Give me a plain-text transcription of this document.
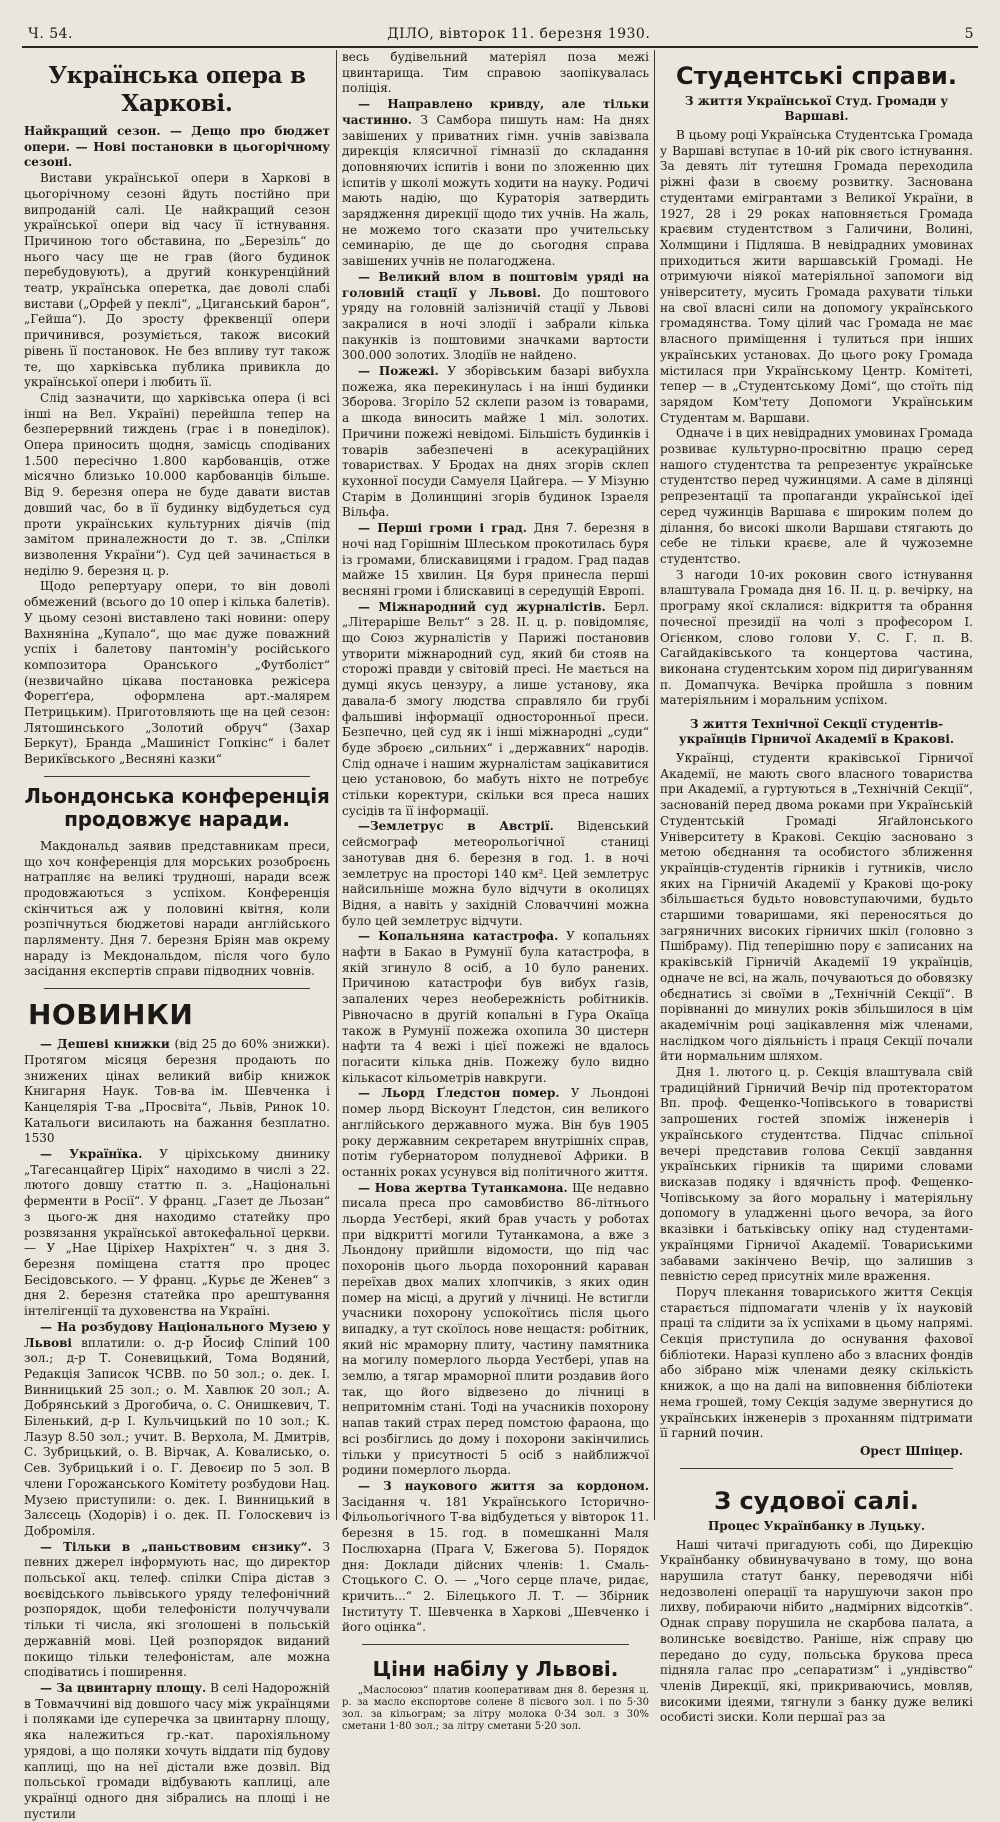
Ч. 54.	ДІЛО, вівторок 11. березня 1930.	5
Українська опера в Харкові.

Найкращий сезон. — Дещо про бюджет опери. — Нові постановки в цьогорічному сезоні.

Вистави української опери в Харкові в цьогорічному сезоні йдуть постійно при випроданій салі. Це найкращий сезон української опери від часу її істнування. Причиною того обставина, по „Березіль“ до нього часу ще не грав (його будинок перебудовують), а другий конкуренційний театр, українська оперетка, дає доволі слабі вистави („Орфей у пеклі“, „Циганський барон“, „Гейша“). До зросту фреквенції опери причинився, розуміється, також високий рівень її постановок. Не без впливу тут також те, що харківська публика привикла до української опери і любить її.

Слід зазначити, що харківська опера (і всі інші на Вел. Україні) перейшла тепер на безперервний тиждень (грає і в понеділок). Опера приносить щодня, замісць сподіваних 1.500 пересічно 1.800 карбованців, отже місячно близько 10.000 карбованців більше. Від 9. березня опера не буде давати вистав довший час, бо в її будинку відбудеться суд проти українських культурних діячів (під замітом приналежности до т. зв. „Спілки визволення України“). Суд цей зачинається в неділю 9. березня ц. р.

Щодо репертуару опери, то він доволі обмежений (всього до 10 опер і кілька балетів). У цьому сезоні виставлено такі новини: оперу Вахняніна „Купало“, що має дуже поважний успіх і балетову пантомін'у російського композитора Оранського „Футболіст“ (незвичайно цікава постановка режісера Форегґера, оформлена арт.-малярем Петрицьким). Приготовляють ще на цей сезон: Лятошинського „Золотий обруч“ (Захар Беркут), Бранда „Машиніст Гопкінс“ і балет Верикївського „Весняні казки“

Льондонська конференція продовжує наради.

Макдональд заявив представникам преси, що хоч конференція для морських розоброєнь натрапляє на великі трудноші, наради всеж продовжаються з успіхом. Конференція скінчиться аж у половині квітня, коли розпічнуться бюджетові наради англійського парляменту. Дня 7. березня Бріян мав окрему нараду із Мекдональдом, після чого було засідання експертів справи підводних човнів.

НОВИНКИ

— Дешеві книжки (від 25 до 60% знижки). Протягом місяця березня продають по знижених цінах великий вибір книжок Книгарня Наук. Тов-ва ім. Шевченка і Канцелярія Т-ва „Просвіта“, Львів, Ринок 10. Катальоги висилають на бажання безплатно. 1530

— Українїка. У ціріхському днинику „Тагесанцайгер Ціріх“ находимо в числі з 22. лютого довшу статтю п. з. „Національні ферменти в Росії“. У франц. „Газет де Льозан“ з цього-ж дня находимо статейку про розвязання української автокефальної церкви. — У „Нае Ціріхер Нахріхтен“ ч. з дня 3. березня поміщена стаття про процес Бесідовського. — У франц. „Курьє де Женев“ з дня 2. березня статейка про арештування інтелігенції та духовенства на Україні.

— На розбудову Національного Музею у Львові вплатили: о. д-р Йосиф Сліпий 100 зол.; д-р Т. Соневицький, Тома Водяний, Редакція Записок ЧСВВ. по 50 зол.; о. дек. І. Винницький 25 зол.; о. М. Хавлюк 20 зол.; А. Добрянський з Дрогобича, о. С. Онишкевич, Т. Біленький, д-р І. Кульчицький по 10 зол.; К. Лазур 8.50 зол.; учит. В. Верхола, М. Дмитрів, С. Зубрицький, о. В. Вірчак, А. Ковалисько, о. Сев. Зубрицький і о. Г. Девоєир по 5 зол. В члени Горожанського Комітету розбудови Нац. Музею приступили: о. дек. І. Винницький в Залєсець (Ходорів) і о. дек. П. Голоскевич із Доброміля.

— Тільки в „паньствовим єнзику“. З певних джерел інформують нас, що директор польської акц. телеф. спілки Спіра дістав з воєвідського львівського уряду телефонічний розпорядок, щоби телефоністи получчували тільки ті числа, які зголошені в польській державній мові. Цей розпорядок виданий покищо тільки телефоністам, але можна сподіватись і поширення.

— За цвинтарну площу. В селі Надорожній в Товмаччині від довшого часу між українцями і поляками іде суперечка за цвинтарну площу, яка належиться гр.-кат. парохіяльному урядові, а що поляки хочуть віддати під будову каплиці, що на неї дістали вже дозвіл. Від польської громади відбувають каплиці, але українці одного дня зібрались на площі і не пустили

весь будівельний матеріял поза межі цвинтарища. Тим справою заопікувалась поліція.

— Направлено кривду, але тільки частинно. З Самбора пишуть нам: На днях завішених у приватних гімн. учнів завізвала дирекція клясичної гімназії до складання доповняючих іспитів і вони по зложенню цих іспитів у школі можуть ходити на науку. Родичі мають надію, що Кураторія затвердить зарядження дирекції щодо тих учнів. На жаль, не можемо того сказати про учительську семинарію, де ще до сьогодня справа завішених учнів не полагоджена.

— Великий влом в поштовім уряді на головній стації у Львові. До поштового уряду на головній залізничій стації у Львові закралися в ночі злодії і забрали кілька пакунків із поштовими значками вартости 300.000 золотих. Злодіїв не найдено.

— Пожежі. У зборівським базарі вибухла пожежа, яка перекинулась і на інші будинки Зборова. Згоріло 52 склепи разом із товарами, а шкода виносить майже 1 міл. золотих. Причини пожежі невідомі. Більшість будинків і товарів забезпечені в асекураційних товариствах. У Бродах на днях згорів склеп кухонної посуди Самуеля Цайгера. — У Мізуню Старім в Долинщині згорів будинок Ізраеля Вільфа.

— Перші громи і град. Дня 7. березня в ночі над Горішнім Шлеськом прокотилась буря із громами, блискавицями і градом. Град падав майже 15 хвилин. Ця буря принесла перші весняні громи і блискавиці в середущій Европі.

— Міжнародний суд журналістів. Берл. „Літераріше Вельт“ з 28. ІІ. ц. р. повідомляє, що Союз журналістів у Парижі постановив утворити міжнародний суд, який би стояв на сторожі правди у світовій пресі. Не мається на думці якусь цензуру, а лише установу, яка давала-б змогу людства справляло би грубі фальшиві інформації односторонньої преси. Безпечно, цей суд як і інші міжнародні „суди“ буде зброєю „сильних“ і „державних“ народів. Слід одначе і нашим журналістам зацікавитися цею установою, бо мабуть ніхто не потребує стільки коректури, скільки вся преса наших сусідів та її інформації.

—Землетрус в Австрії. Віденський сейсмограф метеорольогічної станиці занотував дня 6. березня в год. 1. в ночі землетрус на просторі 140 км². Цей землетрус найсильніше можна було відчути в околицях Відня, а навіть у західній Словаччині можна було цей землетрус відчути.

— Копальняна катастрофа. У копальнях нафти в Бакао в Румунії була катастрофа, в якій згинуло 8 осіб, а 10 було ранених. Причиною катастрофи був вибух ґазів, запалених через необережність робітників. Рівночасно в другій копальні в Гура Окаїца також в Румунії пожежа охопила 30 цистерн нафти та 4 вежі і цієї пожежі не вдалось погасити кілька днів. Пожежу було видно кількасот кільометрів навкруги.

— Льорд Ґледстон помер. У Льондоні помер льорд Віскоунт Ґледстон, син великого англійського державного мужа. Він був 1905 року державним секретарем внутрішніх справ, потім ґубернатором полудневої Африки. В останніх роках усунувся від політичного життя.

— Нова жертва Тутанкамона. Ще недавно писала преса про самовбиство 86-літнього льорда Уестбері, який брав участь у роботах при відкритті могили Тутанкамона, а вже з Льондону прийшли відомости, що під час похоронів цього льорда похоронний караван переїхав двох малих хлопчиків, з яких один помер на місці, а другий у лічниці. Не встигли учасники похорону успокоїтись після цього випадку, а тут скоїлось нове нещастя: робітник, який ніс мраморну плиту, частину памятника на могилу померлого льорда Уестбері, упав на землю, а тягар мраморної плити роздавив його так, що його відвезено до лічниці в непритомнім стані. Тоді на учасників похорону напав такий страх перед помстою фараона, що всі розбіглись до дому і похорони закінчились тільки у присутності 5 осіб з найближчої родини померлого льорда.

— З наукового життя за кордоном. Засідання ч. 181 Українського Історично-Фільольогічного Т-ва відбудеться у вівторок 11. березня в 15. год. в помешканні Маля Послюхарна (Прага V, Бжегова 5). Порядок дня: Доклади дійсних членів: 1. Смаль-Стоцького С. О. — „Чого серце плаче, ридає, кричить...“ 2. Білецького Л. Т. — Збірник Інституту Т. Шевченка в Харкові „Шевченко і його оцінка“.

Ціни набілу у Львові.

„Маслосоюз“ платив кооперативам дня 8. березня ц. р. за масло експортове солене 8 пісвого зол. і по 5·30 зол. за кільограм; за літру молока 0·34 зол. з 30% сметани 1·80 зол.; за літру сметани 5·20 зол.

Студентські справи.
З життя Української Студ. Громади у Варшаві.

В цьому році Українська Студентська Громада у Варшаві вступає в 10-ий рік свого істнування. За девять літ тутешня Громада переходила ріжні фази в своєму розвитку. Заснована студентами емігрантами з Великої України, в 1927, 28 і 29 роках наповняється Громада краєвим студентством з Галичини, Волині, Холмщини і Підляша. В невідрадних умовинах приходиться жити варшавській Громаді. Не отримуючи ніякої матеріяльної запомоги від університету, мусить Громада рахувати тільки на свої власні сили на допомогу українського громадянства. Тому цілий час Громада не має власного приміщення і тулиться при інших українських установах. До цього року Громада містилася при Українському Центр. Комітеті, тепер — в „Студентському Домі“, що стоїть під зарядом Ком'тету Допомоги Українським Студентам м. Варшави.

Одначе і в цих невідрадних умовинах Громада розвиває культурно-просвітню працю серед нашого студентства та репрезентує українське студентство перед чужинцями. А саме в ділянці репрезентації та пропаганди української ідеї серед чужинців Варшава є широким полем до ділання, бо високі школи Варшави стягають до себе не тільки краєве, але й чужоземне студентство.

З нагоди 10-их роковин свого істнування влаштувала Громада дня 16. ІІ. ц. р. вечірку, на програму якої склалися: відкриття та обрання почесної президії на чолі з професором І. Огієнком, слово голови У. С. Г. п. В. Сагайдаківського та концертова частина, виконана студентським хором під дириґуванням п. Домапчука. Вечірка пройшла з повним матеріяльним і моральним успіхом.

З життя Технічної Секції студентів-українців Гірничої Академії в Кракові.

Українці, студенти краківської Гірничої Академії, не мають свого власного товариства при Академії, а гуртуються в „Технічній Секції“, заснованій перед двома роками при Українській Студентській Громаді Яґайлонського Університету в Кракові. Секцію засновано з метою обєднання та особистого зближення українців-студентів гірників і гутників, число яких на Гірничій Академії у Кракові що-року збільшається будьто нововступаючими, будьто старшими товаришами, які переносяться до загряничних високих гірничих шкіл (головно з Пшібраму). Під теперішню пору є записаних на краківській Гірничій Академії 19 українців, одначе не всі, на жаль, почуваються до обовязку обєднатись зі своїми в „Технічній Секції“. В порівнанні до минулих років збільшилося в цім академічнім році зацікавлення між членами, наслідком чого діяльність і праця Секції почали йти нормальним шляхом.

Дня 1. лютого ц. р. Секція влаштувала свій традиційний Гірничий Вечір під протекторатом Вп. проф. Фещенко-Чопівського в товаристві запрошених гостей зпоміж інженерів і українського студентства. Підчас спільної вечері представив голова Секції завдання українських гірників та щирими словами висказав подяку і вдячність проф. Фещенко-Чопівському за його моральну і матеріяльну допомогу в уладженні цього вечора, за його вказівки і батьківську опіку над студентами-українцями Гірничої Академії. Товариськими забавами закінчено Вечір, що залишив з певністю серед присутніх миле враження.

Поруч плекання товариського життя Секція старається підпомагати членів у їх науковій праці та слідити за їх успіхами в цьому напрямі. Секція приступила до оснування фахової бібліотеки. Наразі куплено або з власних фондів або зібрано між членами деяку скількість книжок, а що на далі на виповнення бібліотеки нема грошей, тому Секція задуме звернутися до українських інженерів з проханням підтримати її гарний почин.

Орест Шпіцер.
З судової салі.
Процес Українбанку в Луцьку.

Наші читачі пригадують собі, що Дирекцію Українбанку обвинувачувано в тому, що вона нарушила статут банку, переводячи нібі недозволені операції та нарушуючи закон про лихву, побираючи нібито „надмірних відсотків“. Однак справу порушила не скарбова палата, а волинське воєвідство. Раніше, ніж справу цю передано до суду, польська брукова преса підняла галас про „сепаратизм“ і „ундівство“ членів Дирекції, які, прикриваючись, мовляв, високими ідеями, тягнули з банку дуже великі особисті зиски. Коли першаї раз за
